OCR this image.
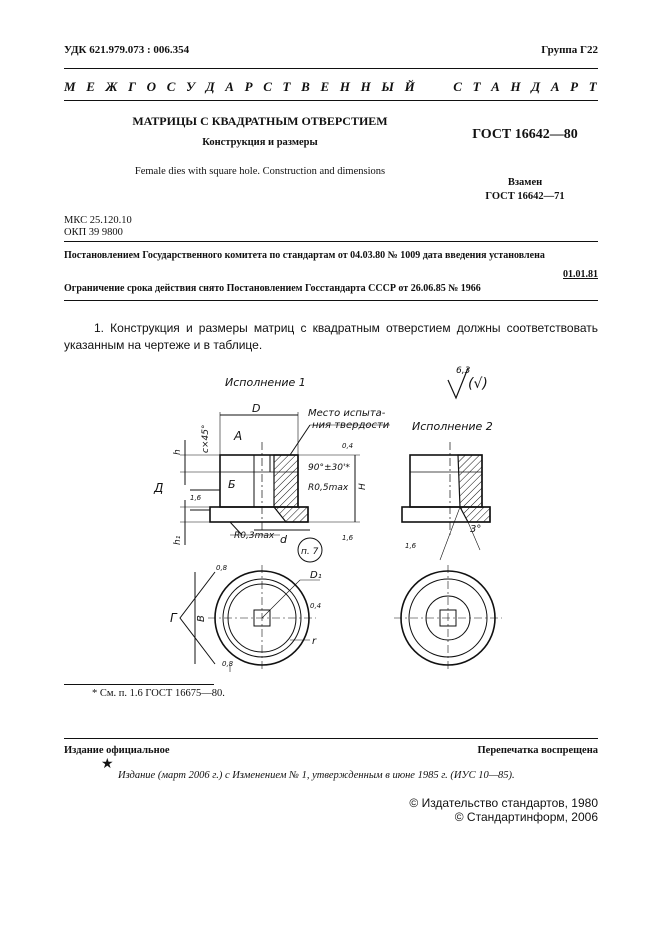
УДК 621.979.073 : 006.354	Группа Г22
М Е Ж Г О С У Д А Р С Т В Е Н Н Ы Й

	С Т А Н Д А Р Т
МАТРИЦЫ С КВАДРАТНЫМ ОТВЕРСТИЕМ
Конструкция и размеры
Female dies with square hole. Construction and dimensions
ГОСТ 16642—80
Взамен
ГОСТ 16642—71
МКС 25.120.10
ОКП 39 9800
Постановлением Государственного комитета по стандартам от 04.03.80 № 1009 дата введения установлена
01.01.81
Ограничение срока действия снято Постановлением Госстандарта СССР от 26.06.85 № 1966
1. Конструкция и размеры матриц с квадратным отверстием должны соответствовать указанным на чертеже и в таблице.
Исполнение 1
Исполнение 2
6,3
(√)
Место испыта-
ния твердости
D
А
Б
Д
Г
c×45°
h
h₁
H
d
D₁
B
r
90°±30'*
R0,5max
R0,3max
0,4
1,6
1,6
0,8
0,4
0,8
1,6
3°
п. 7
* См. п. 1.6 ГОСТ 16675—80.
Издание официальное	Перепечатка воспрещена
★
Издание (март 2006 г.) с Изменением № 1, утвержденным в июне 1985 г. (ИУС 10—85).
© Издательство стандартов, 1980
© Стандартинформ, 2006
